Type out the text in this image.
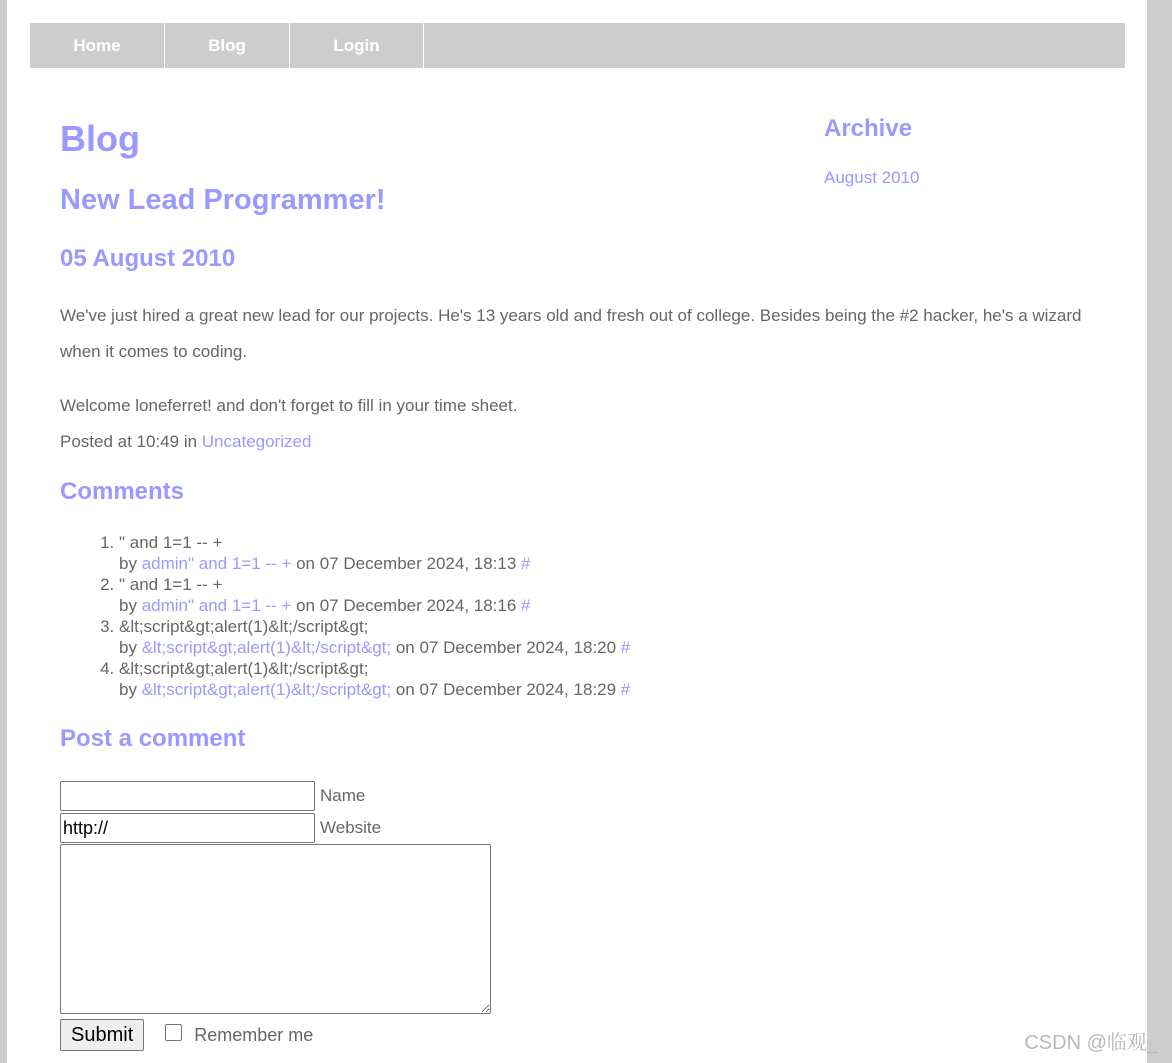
Home	Blog	Login
Blog
New Lead Programmer!
05 August 2010

We've just hired a great new lead for our projects. He's 13 years old and fresh out of college. Besides being the #2 hacker, he's a wizard when it comes to coding.

Welcome loneferret! and don't forget to fill in your time sheet.

Posted at 10:49 in Uncategorized

Comments
1. " and 1=1 -- +
by admin" and 1=1 -- + on 07 December 2024, 18:13 #
2. " and 1=1 -- +
by admin" and 1=1 -- + on 07 December 2024, 18:16 #
3. &lt;script&gt;alert(1)&lt;/script&gt;
by &lt;script&gt;alert(1)&lt;/script&gt; on 07 December 2024, 18:20 #
4. &lt;script&gt;alert(1)&lt;/script&gt;
by &lt;script&gt;alert(1)&lt;/script&gt; on 07 December 2024, 18:29 #
Post a comment
Name
http://
Website
Submit	Remember me
Archive
August 2010
CSDN @临观_
